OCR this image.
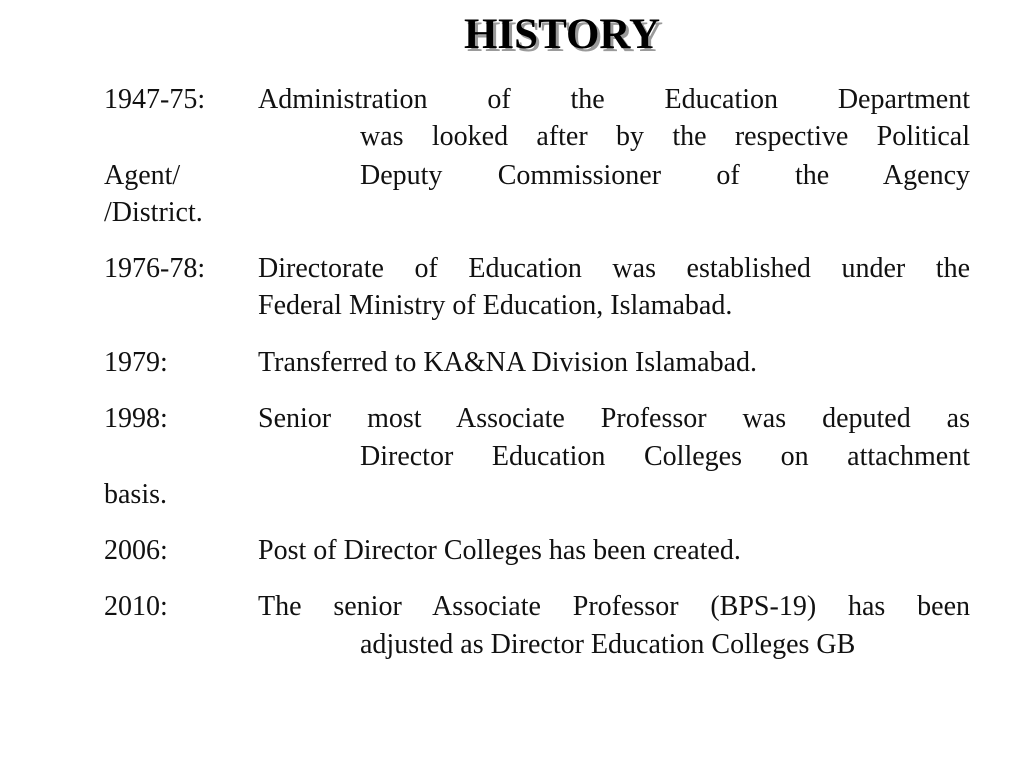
HISTORY
1947-75: Administration of the Education Department
was looked after by the respective Political
Agent/	Deputy Commissioner of the Agency
/District.
1976-78: Directorate of Education was established under the
Federal Ministry of Education, Islamabad.
1979:	Transferred to KA&NA Division Islamabad.
1998:	Senior most Associate Professor was deputed as
Director Education Colleges on attachment
basis.
2006:	Post of Director Colleges has been created.
2010:	The senior Associate Professor (BPS-19) has been
adjusted as Director Education Colleges GB
